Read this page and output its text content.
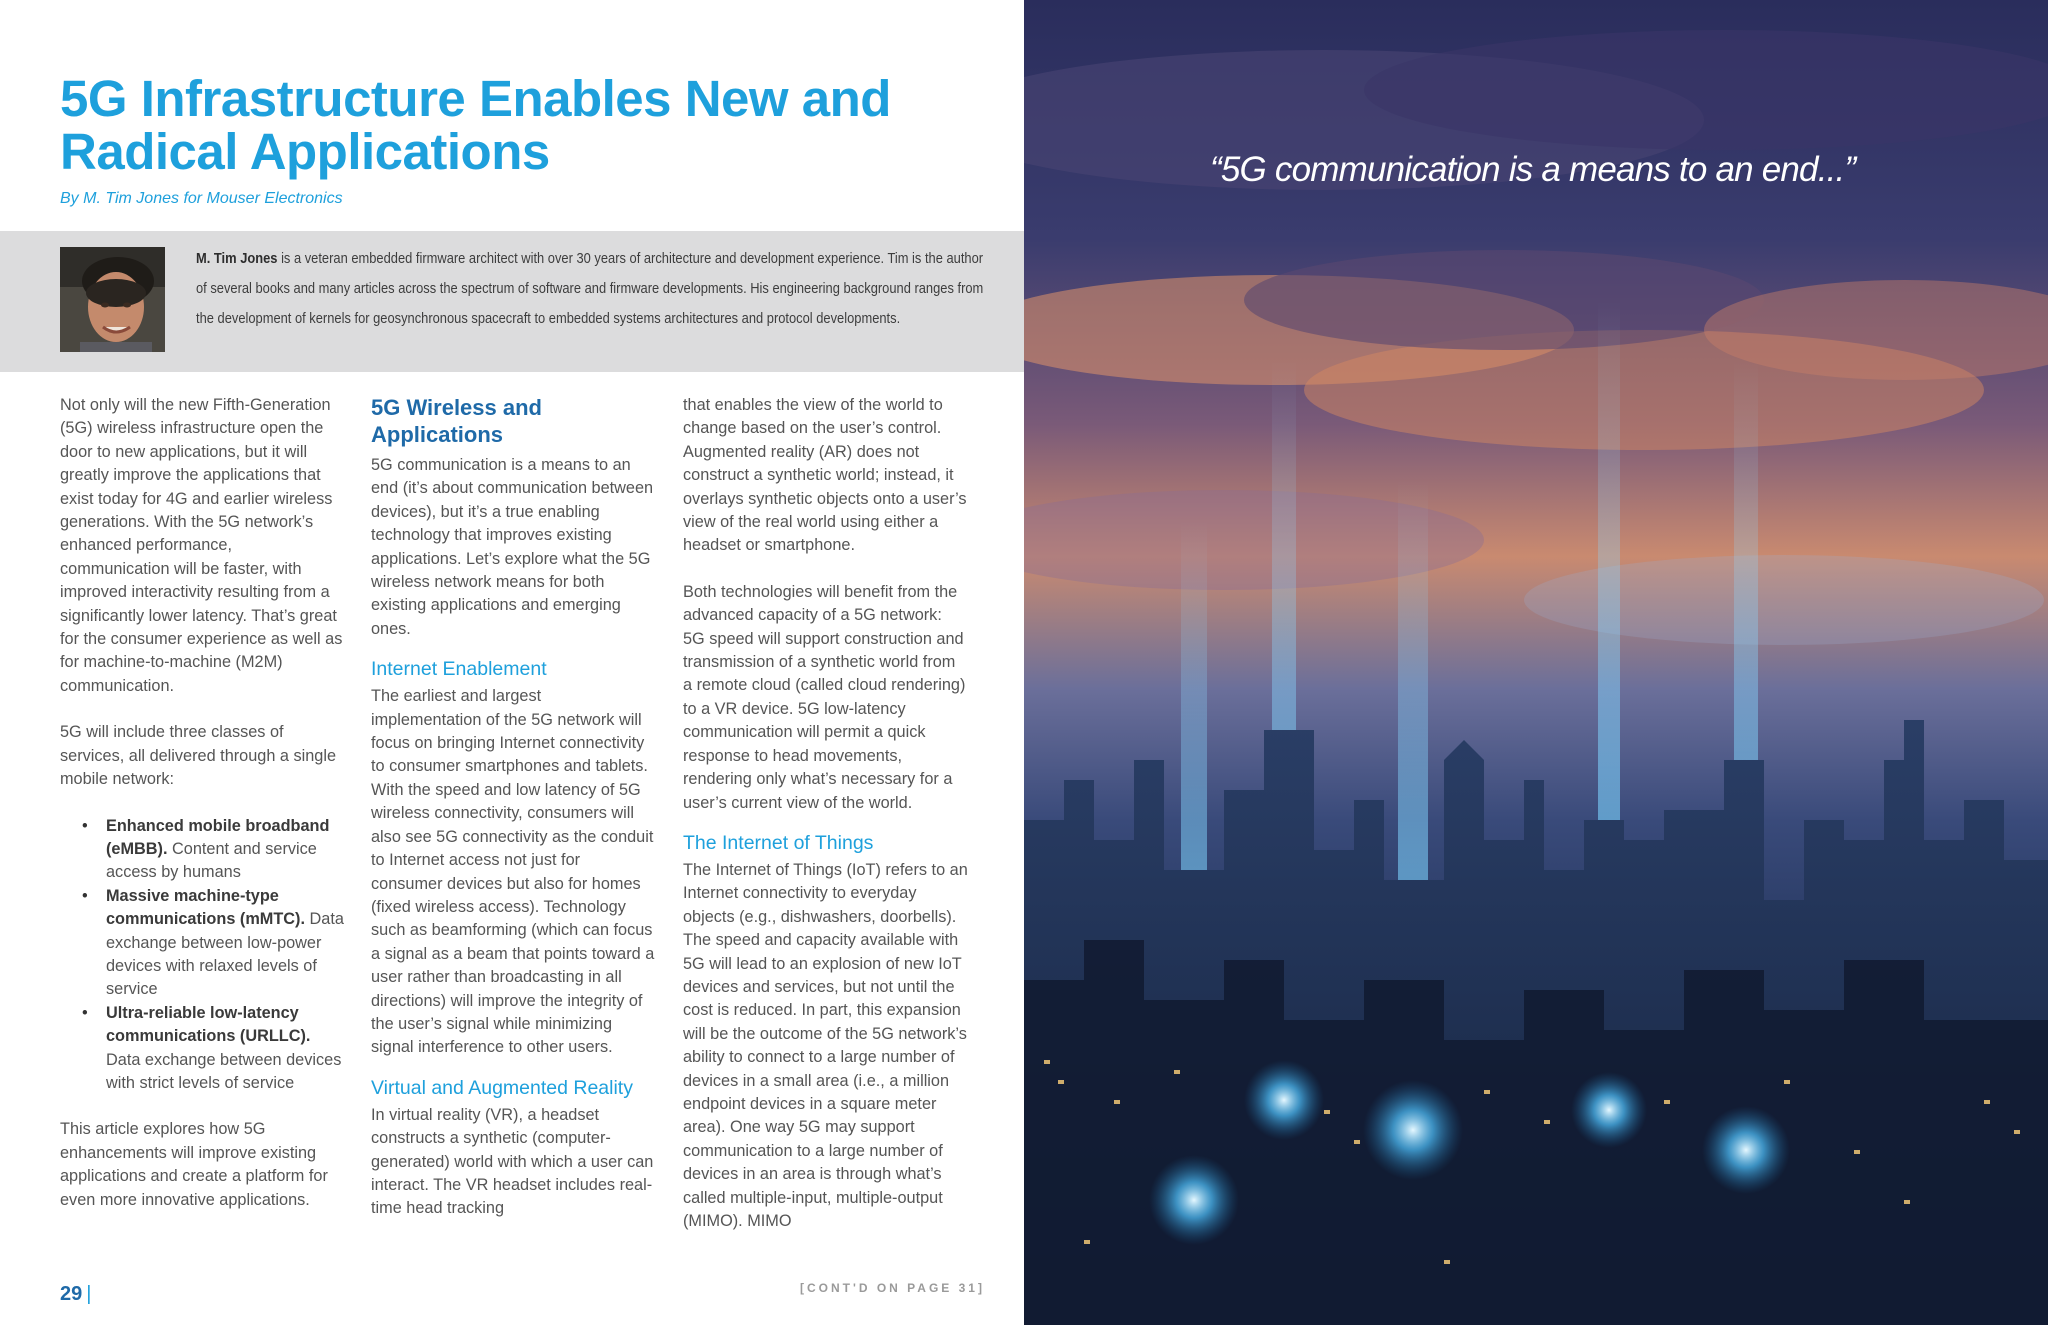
5G Infrastructure Enables New and Radical Applications
By M. Tim Jones for Mouser Electronics
M. Tim Jones is a veteran embedded firmware architect with over 30 years of architecture and development experience. Tim is the author of several books and many articles across the spectrum of software and firmware developments. His engineering background ranges from the development of kernels for geosynchronous spacecraft to embedded systems architectures and protocol developments.

Not only will the new Fifth-Generation (5G) wireless infrastructure open the door to new applications, but it will greatly improve the applications that exist today for 4G and earlier wireless generations. With the 5G network’s enhanced performance, communication will be faster, with improved interactivity resulting from a significantly lower latency. That’s great for the consumer experience as well as for machine-to-machine (M2M) communication.

5G will include three classes of services, all delivered through a single mobile network:

• Enhanced mobile broadband (eMBB). Content and service access by humans
• Massive machine-type communications (mMTC). Data exchange between low-power devices with relaxed levels of service
• Ultra-reliable low-latency communications (URLLC). Data exchange between devices with strict levels of service

This article explores how 5G enhancements will improve existing applications and create a platform for even more innovative applications.

5G Wireless and Applications

5G communication is a means to an end (it’s about communication between devices), but it’s a true enabling technology that improves existing applications. Let’s explore what the 5G wireless network means for both existing applications and emerging ones.

Internet Enablement

The earliest and largest implementation of the 5G network will focus on bringing Internet connectivity to consumer smartphones and tablets. With the speed and low latency of 5G wireless connectivity, consumers will also see 5G connectivity as the conduit to Internet access not just for consumer devices but also for homes (fixed wireless access). Technology such as beamforming (which can focus a signal as a beam that points toward a user rather than broadcasting in all directions) will improve the integrity of the user’s signal while minimizing signal interference to other users.

Virtual and Augmented Reality

In virtual reality (VR), a headset constructs a synthetic (computer-generated) world with which a user can interact. The VR headset includes real-time head tracking

that enables the view of the world to change based on the user’s control. Augmented reality (AR) does not construct a synthetic world; instead, it overlays synthetic objects onto a user’s view of the real world using either a headset or smartphone.

Both technologies will benefit from the advanced capacity of a 5G network: 5G speed will support construction and transmission of a synthetic world from a remote cloud (called cloud rendering) to a VR device. 5G low-latency communication will permit a quick response to head movements, rendering only what’s necessary for a user’s current view of the world.

The Internet of Things

The Internet of Things (IoT) refers to an Internet connectivity to everyday objects (e.g., dishwashers, doorbells). The speed and capacity available with 5G will lead to an explosion of new IoT devices and services, but not until the cost is reduced. In part, this expansion will be the outcome of the 5G network’s ability to connect to a large number of devices in a small area (i.e., a million endpoint devices in a square meter area). One way 5G may support communication to a large number of devices in an area is through what’s called multiple-input, multiple-output (MIMO). MIMO

29 |	[CONT'D ON PAGE 31]
“5G communication is a means to an end...”
